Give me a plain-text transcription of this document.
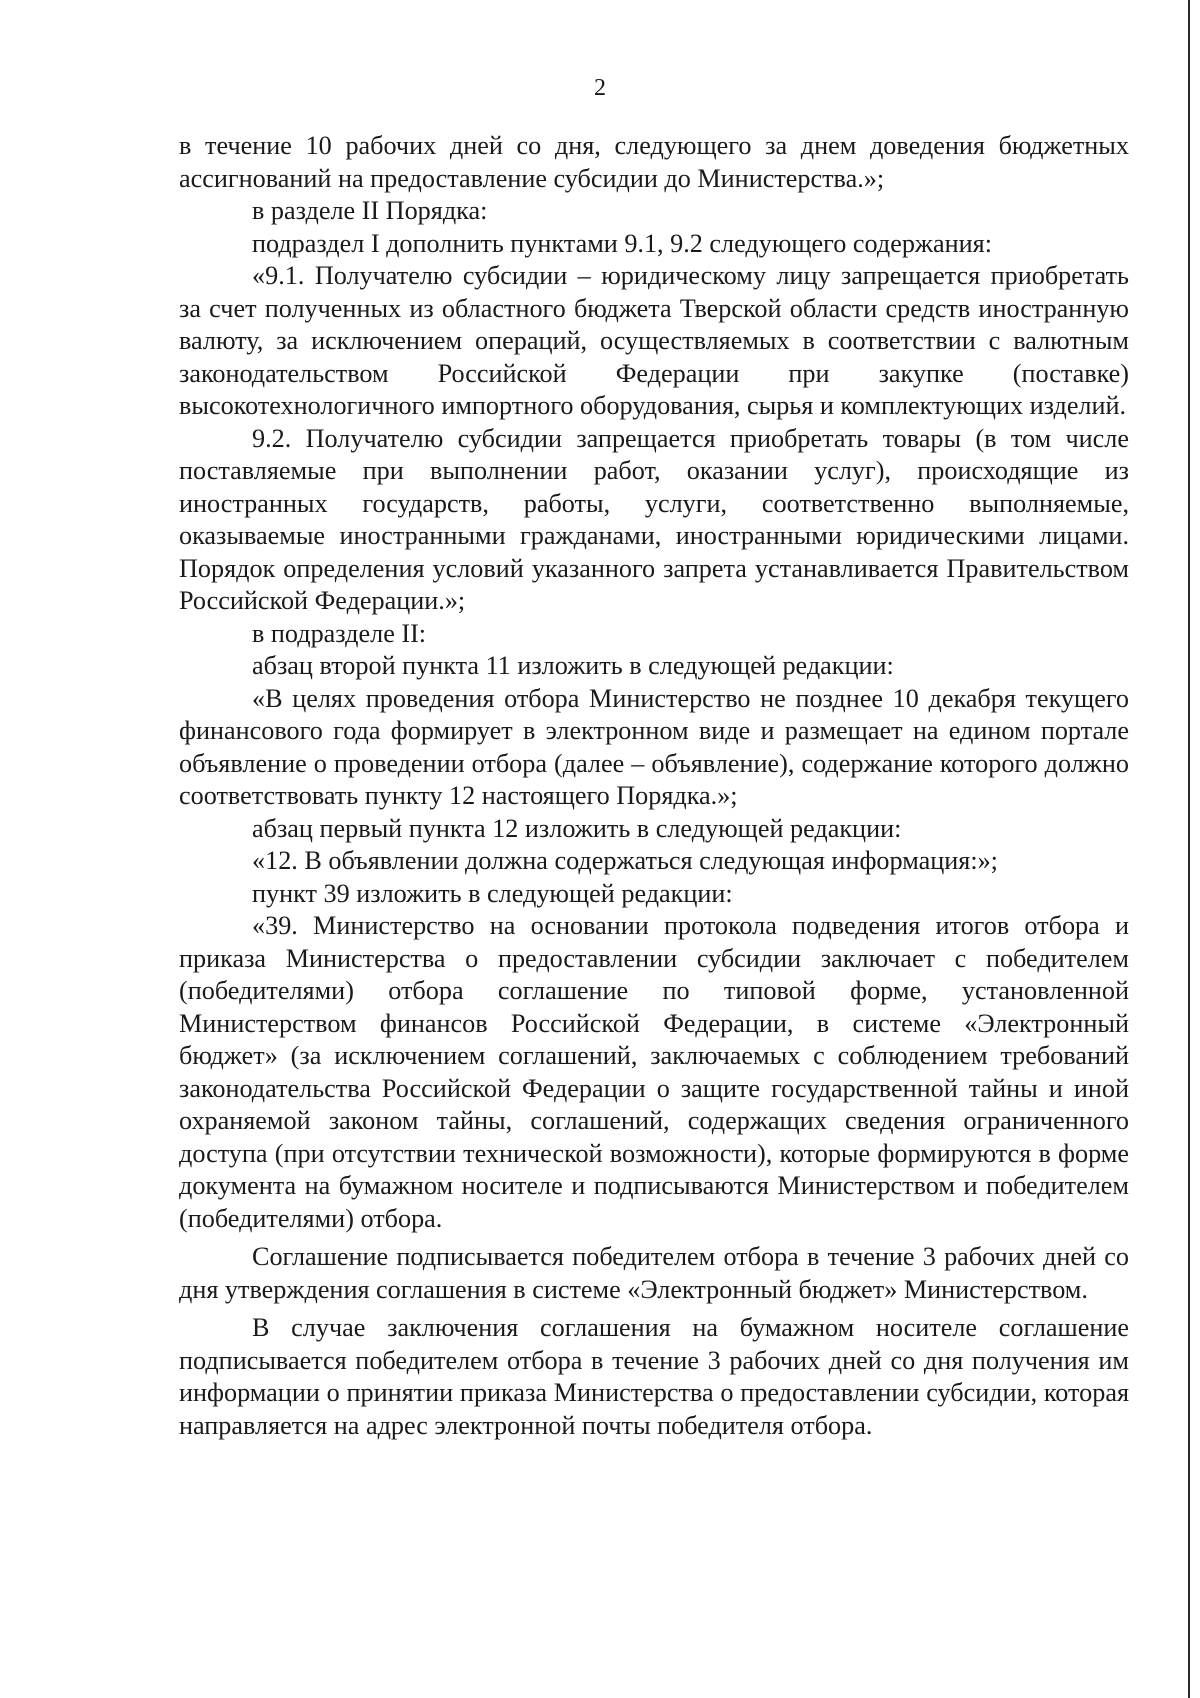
2

в течение 10 рабочих дней со дня, следующего за днем доведения бюджетных ассигнований на предоставление субсидии до Министерства.»;

в разделе II Порядка:

подраздел I дополнить пунктами 9.1, 9.2 следующего содержания:

«9.1. Получателю субсидии – юридическому лицу запрещается приобретать за счет полученных из областного бюджета Тверской области средств иностранную валюту, за исключением операций, осуществляемых в соответствии с валютным законодательством Российской Федерации при закупке (поставке) высокотехнологичного импортного оборудования, сырья и комплектующих изделий.

9.2. Получателю субсидии запрещается приобретать товары (в том числе поставляемые при выполнении работ, оказании услуг), происходящие из иностранных государств, работы, услуги, соответственно выполняемые, оказываемые иностранными гражданами, иностранными юридическими лицами. Порядок определения условий указанного запрета устанавливается Правительством Российской Федерации.»;

в подразделе II:

абзац второй пункта 11 изложить в следующей редакции:

«В целях проведения отбора Министерство не позднее 10 декабря текущего финансового года формирует в электронном виде и размещает на едином портале объявление о проведении отбора (далее – объявление), содержание которого должно соответствовать пункту 12 настоящего Порядка.»;

абзац первый пункта 12 изложить в следующей редакции:

«12. В объявлении должна содержаться следующая информация:»;

пункт 39 изложить в следующей редакции:

«39. Министерство на основании протокола подведения итогов отбора и приказа Министерства о предоставлении субсидии заключает с победителем (победителями) отбора соглашение по типовой форме, установленной Министерством финансов Российской Федерации, в системе «Электронный бюджет» (за исключением соглашений, заключаемых с соблюдением требований законодательства Российской Федерации о защите государственной тайны и иной охраняемой законом тайны, соглашений, содержащих сведения ограниченного доступа (при отсутствии технической возможности), которые формируются в форме документа на бумажном носителе и подписываются Министерством и победителем (победителями) отбора.

Соглашение подписывается победителем отбора в течение 3 рабочих дней со дня утверждения соглашения в системе «Электронный бюджет» Министерством.

В случае заключения соглашения на бумажном носителе соглашение подписывается победителем отбора в течение 3 рабочих дней со дня получения им информации о принятии приказа Министерства о предоставлении субсидии, которая направляется на адрес электронной почты победителя отбора.
